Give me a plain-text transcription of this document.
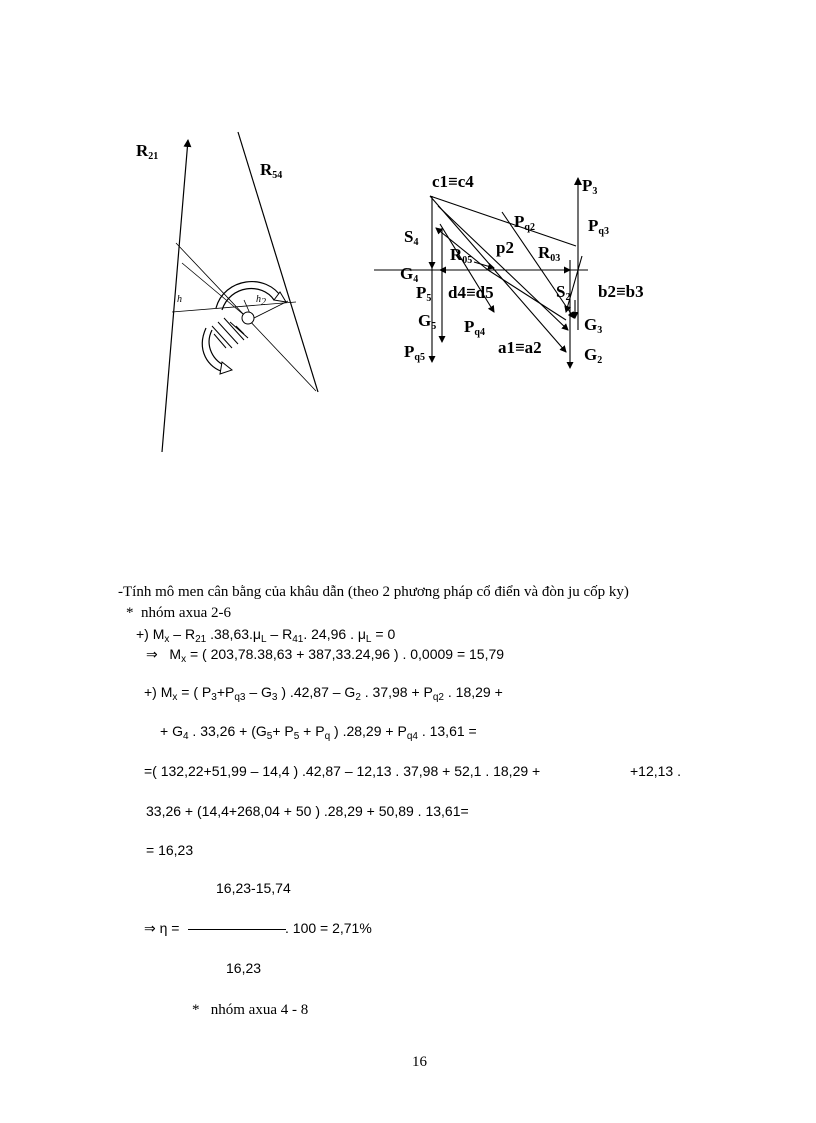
$R_{21}$
$R_{54}$
h	$h_2$
c1≡c4	$P_3$
$P_{q2}$	$P_{q3}$
$S_4$	p2
$R_{05}$	$R_{03}$
$G_4$
$P_5$ d4≡d5	$S_2$ b2≡b3
$G_5$	$G_3$
$P_{q4}$
$P_{q5}$
a1≡a2 $G_2$
-Tính mô men cân bằng của khâu dẫn (theo 2 phương pháp cổ điển và đòn ju cốp ky)
* nhóm axua 2-6
+) $M_x - R_{21}$ $.38,63.\mu_L - R_{41}$. 24,96 . $\mu_L = 0$
⇒ $M_x$ = ( 203,78.38,63 + 387,33.24,96 ) . 0,0009 = 15,79
+) $M_x$ = ( $P_3+P_{q3} - G_3$ ) $.42,87 - G_2$ . $37,98 + P_{q2}$ . 18,29 +
+ $G_4$ . $33,26 + (G_5+ P_5 + P_q$ ) $.28,29 + P_{q4}$ . 13,61 =
=( 132,22+51,99 – 14,4 ) .42,87 – 12,13 . 37,98 + 52,1 . 18,29 +	+12,13 .
33,26 + (14,4+268,04 + 50 ) .28,29 + 50,89 . 13,61=
= 16,23
16,23-15,74
⇒ η =	. 100 = 2,71%
16,23
* nhóm axua 4 - 8
16
